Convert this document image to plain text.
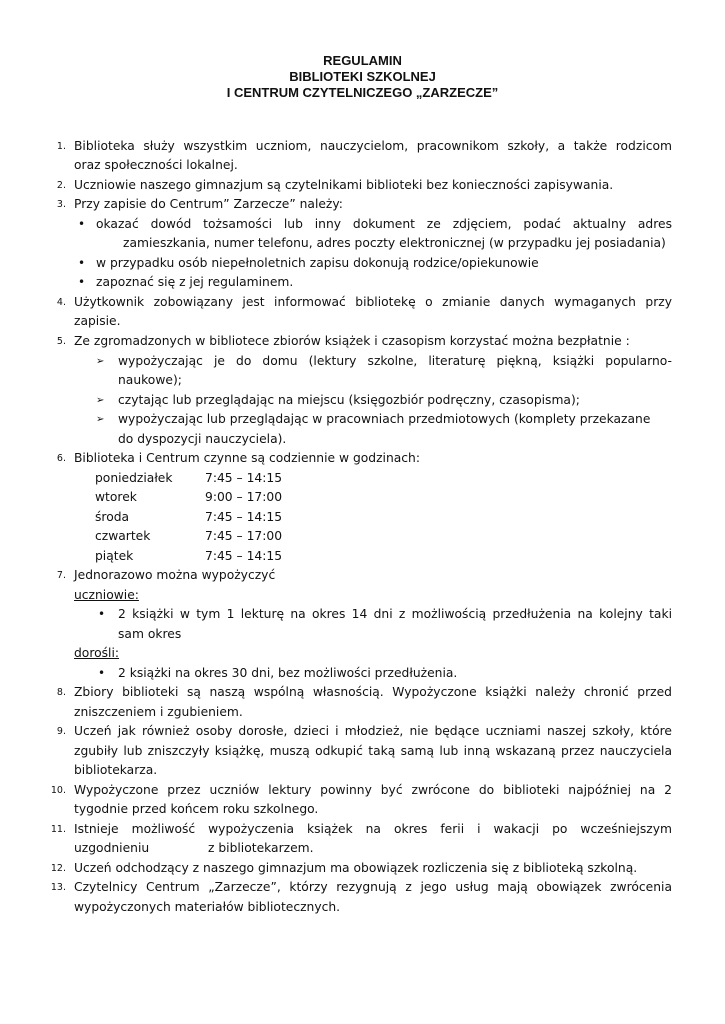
REGULAMIN
BIBLIOTEKI SZKOLNEJ
I CENTRUM CZYTELNICZEGO „ZARZECZE”
1. Biblioteka służy wszystkim uczniom, nauczycielom, pracownikom szkoły, a także rodzicom
oraz społeczności lokalnej.
2. Uczniowie naszego gimnazjum są czytelnikami biblioteki bez konieczności zapisywania.
3. Przy zapisie do Centrum” Zarzecze” należy:
• okazać dowód tożsamości lub inny dokument ze zdjęciem, podać aktualny adres
zamieszkania, numer telefonu, adres poczty elektronicznej (w przypadku jej posiadania)
• w przypadku osób niepełnoletnich zapisu dokonują rodzice/opiekunowie
• zapoznać się z jej regulaminem.
4. Użytkownik zobowiązany jest informować bibliotekę o zmianie danych wymaganych przy
zapisie.
5. Ze zgromadzonych w bibliotece zbiorów książek i czasopism korzystać można bezpłatnie :
➢ wypożyczając je do domu (lektury szkolne, literaturę piękną, książki popularno-
naukowe);
➢ czytając lub przeglądając na miejscu (księgozbiór podręczny, czasopisma);
➢ wypożyczając lub przeglądając w pracowniach przedmiotowych (komplety przekazane
do dyspozycji nauczyciela).
6. Biblioteka i Centrum czynne są codziennie w godzinach:
poniedziałek	7:45 – 14:15
wtorek	9:00 – 17:00
środa	7:45 – 14:15
czwartek	7:45 – 17:00
piątek	7:45 – 14:15
7. Jednorazowo można wypożyczyć
uczniowie:
• 2 książki w tym 1 lekturę na okres 14 dni z możliwością przedłużenia na kolejny taki
sam okres
dorośli:
• 2 książki na okres 30 dni, bez możliwości przedłużenia.
8. Zbiory biblioteki są naszą wspólną własnością. Wypożyczone książki należy chronić przed
zniszczeniem i zgubieniem.
9. Uczeń jak również osoby dorosłe, dzieci i młodzież, nie będące uczniami naszej szkoły, które
zgubiły lub zniszczyły książkę, muszą odkupić taką samą lub inną wskazaną przez nauczyciela
bibliotekarza.
10. Wypożyczone przez uczniów lektury powinny być zwrócone do biblioteki najpóźniej na 2
tygodnie przed końcem roku szkolnego.
11. Istnieje możliwość wypożyczenia książek na okres ferii i wakacji po wcześniejszym
uzgodnieniu	z bibliotekarzem.
12. Uczeń odchodzący z naszego gimnazjum ma obowiązek rozliczenia się z biblioteką szkolną.
13. Czytelnicy Centrum „Zarzecze”, którzy rezygnują z jego usług mają obowiązek zwrócenia
wypożyczonych materiałów bibliotecznych.
